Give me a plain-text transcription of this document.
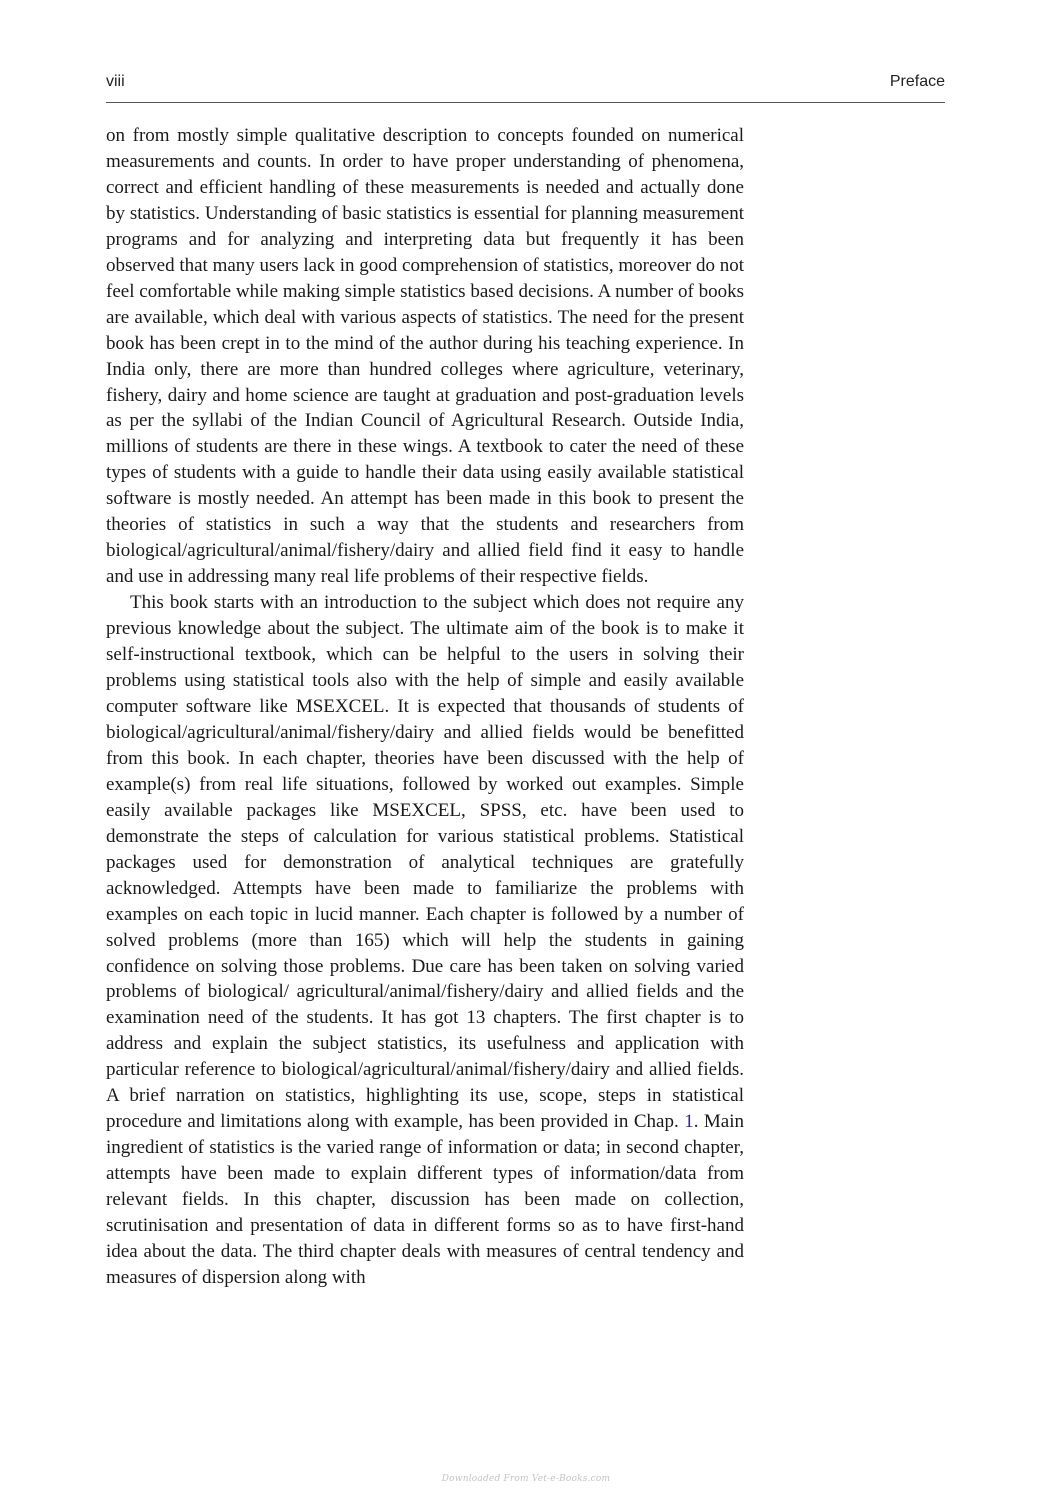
viii	Preface

on from mostly simple qualitative description to concepts founded on numerical measurements and counts. In order to have proper understanding of phenomena, correct and efficient handling of these measurements is needed and actually done by statistics. Understanding of basic statistics is essential for planning measurement programs and for analyzing and interpreting data but frequently it has been observed that many users lack in good comprehension of statistics, moreover do not feel comfortable while making simple statistics based decisions. A number of books are available, which deal with various aspects of statistics. The need for the present book has been crept in to the mind of the author during his teaching experience. In India only, there are more than hundred colleges where agriculture, veterinary, fishery, dairy and home science are taught at graduation and post-graduation levels as per the syllabi of the Indian Council of Agricultural Research. Outside India, millions of students are there in these wings. A textbook to cater the need of these types of students with a guide to handle their data using easily available statistical software is mostly needed. An attempt has been made in this book to present the theories of statistics in such a way that the students and researchers from biological/agricultural/animal/fishery/dairy and allied field find it easy to handle and use in addressing many real life problems of their respective fields.

This book starts with an introduction to the subject which does not require any previous knowledge about the subject. The ultimate aim of the book is to make it self-instructional textbook, which can be helpful to the users in solving their problems using statistical tools also with the help of simple and easily available computer software like MSEXCEL. It is expected that thousands of students of biological/agricultural/animal/fishery/dairy and allied fields would be benefitted from this book. In each chapter, theories have been discussed with the help of example(s) from real life situations, followed by worked out examples. Simple easily available packages like MSEXCEL, SPSS, etc. have been used to demonstrate the steps of calculation for various statistical problems. Statistical packages used for demonstration of analytical techniques are gratefully acknowledged. Attempts have been made to familiarize the problems with examples on each topic in lucid manner. Each chapter is followed by a number of solved problems (more than 165) which will help the students in gaining confidence on solving those problems. Due care has been taken on solving varied problems of biological/ agricultural/animal/fishery/dairy and allied fields and the examination need of the students. It has got 13 chapters. The first chapter is to address and explain the subject statistics, its usefulness and application with particular reference to biological/agricultural/animal/fishery/dairy and allied fields. A brief narration on statistics, highlighting its use, scope, steps in statistical procedure and limitations along with example, has been provided in Chap. 1. Main ingredient of statistics is the varied range of information or data; in second chapter, attempts have been made to explain different types of information/data from relevant fields. In this chapter, discussion has been made on collection, scrutinisation and presentation of data in different forms so as to have first-hand idea about the data. The third chapter deals with measures of central tendency and measures of dispersion along with

Downloaded From Vet-e-Books.com
